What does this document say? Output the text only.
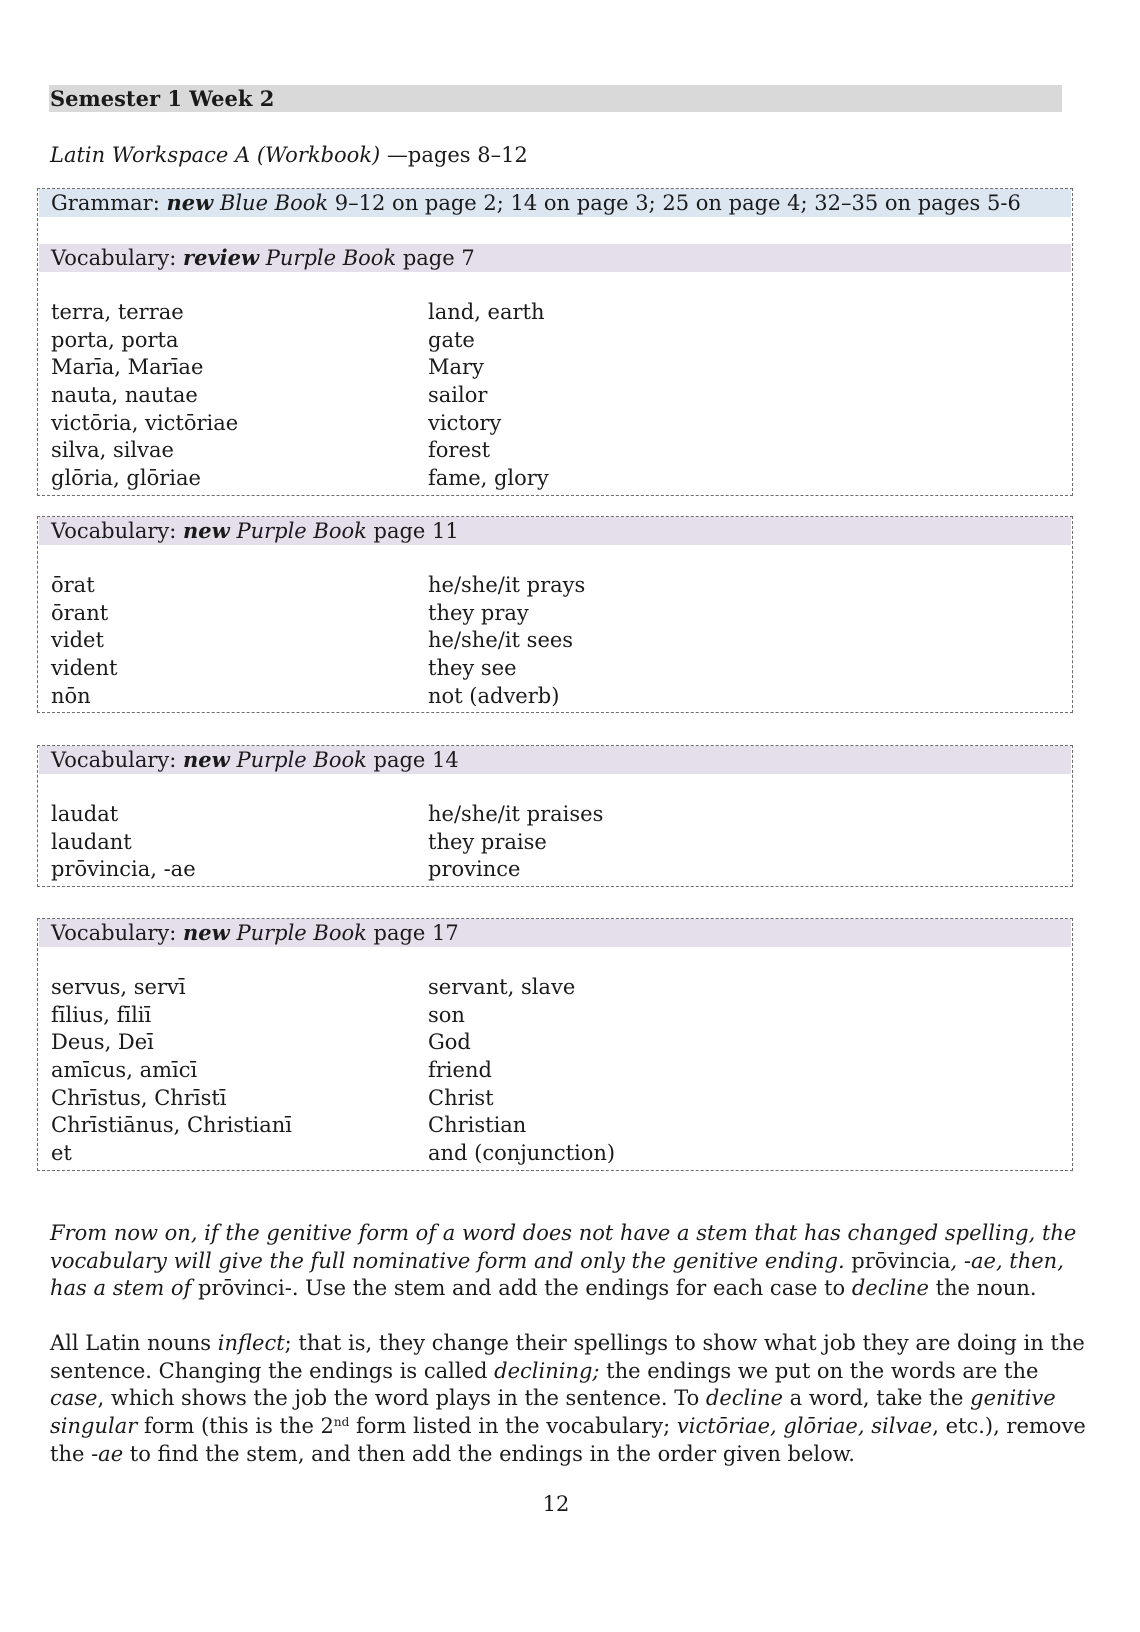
Semester 1 Week 2
Latin Workspace A (Workbook) —pages 8–12
Grammar: new Blue Book 9–12 on page 2; 14 on page 3; 25 on page 4; 32–35 on pages 5-6
Vocabulary: review Purple Book page 7
terra, terrae	land, earth
porta, porta	gate
Marīa, Marīae	Mary
nauta, nautae	sailor
victōria, victōriae	victory
silva, silvae	forest
glōria, glōriae	fame, glory
Vocabulary: new Purple Book page 11
ōrat	he/she/it prays
ōrant	they pray
videt	he/she/it sees
vident	they see
nōn	not (adverb)
Vocabulary: new Purple Book page 14
laudat	he/she/it praises
laudant	they praise
prōvincia, -ae	province
Vocabulary: new Purple Book page 17
servus, servī	servant, slave
fīlius, fīliī	son
Deus, Deī	God
amīcus, amīcī	friend
Chrīstus, Chrīstī	Christ
Chrīstiānus, Christianī	Christian
et	and (conjunction)
From now on, if the genitive form of a word does not have a stem that has changed spelling, the vocabulary will give the full nominative form and only the genitive ending. prōvincia, -ae, then, has a stem of prōvinci-. Use the stem and add the endings for each case to decline the noun.
All Latin nouns inflect; that is, they change their spellings to show what job they are doing in the sentence. Changing the endings is called declining; the endings we put on the words are the case, which shows the job the word plays in the sentence. To decline a word, take the genitive singular form (this is the 2nd form listed in the vocabulary; victōriae, glōriae, silvae, etc.), remove the -ae to find the stem, and then add the endings in the order given below.
12
